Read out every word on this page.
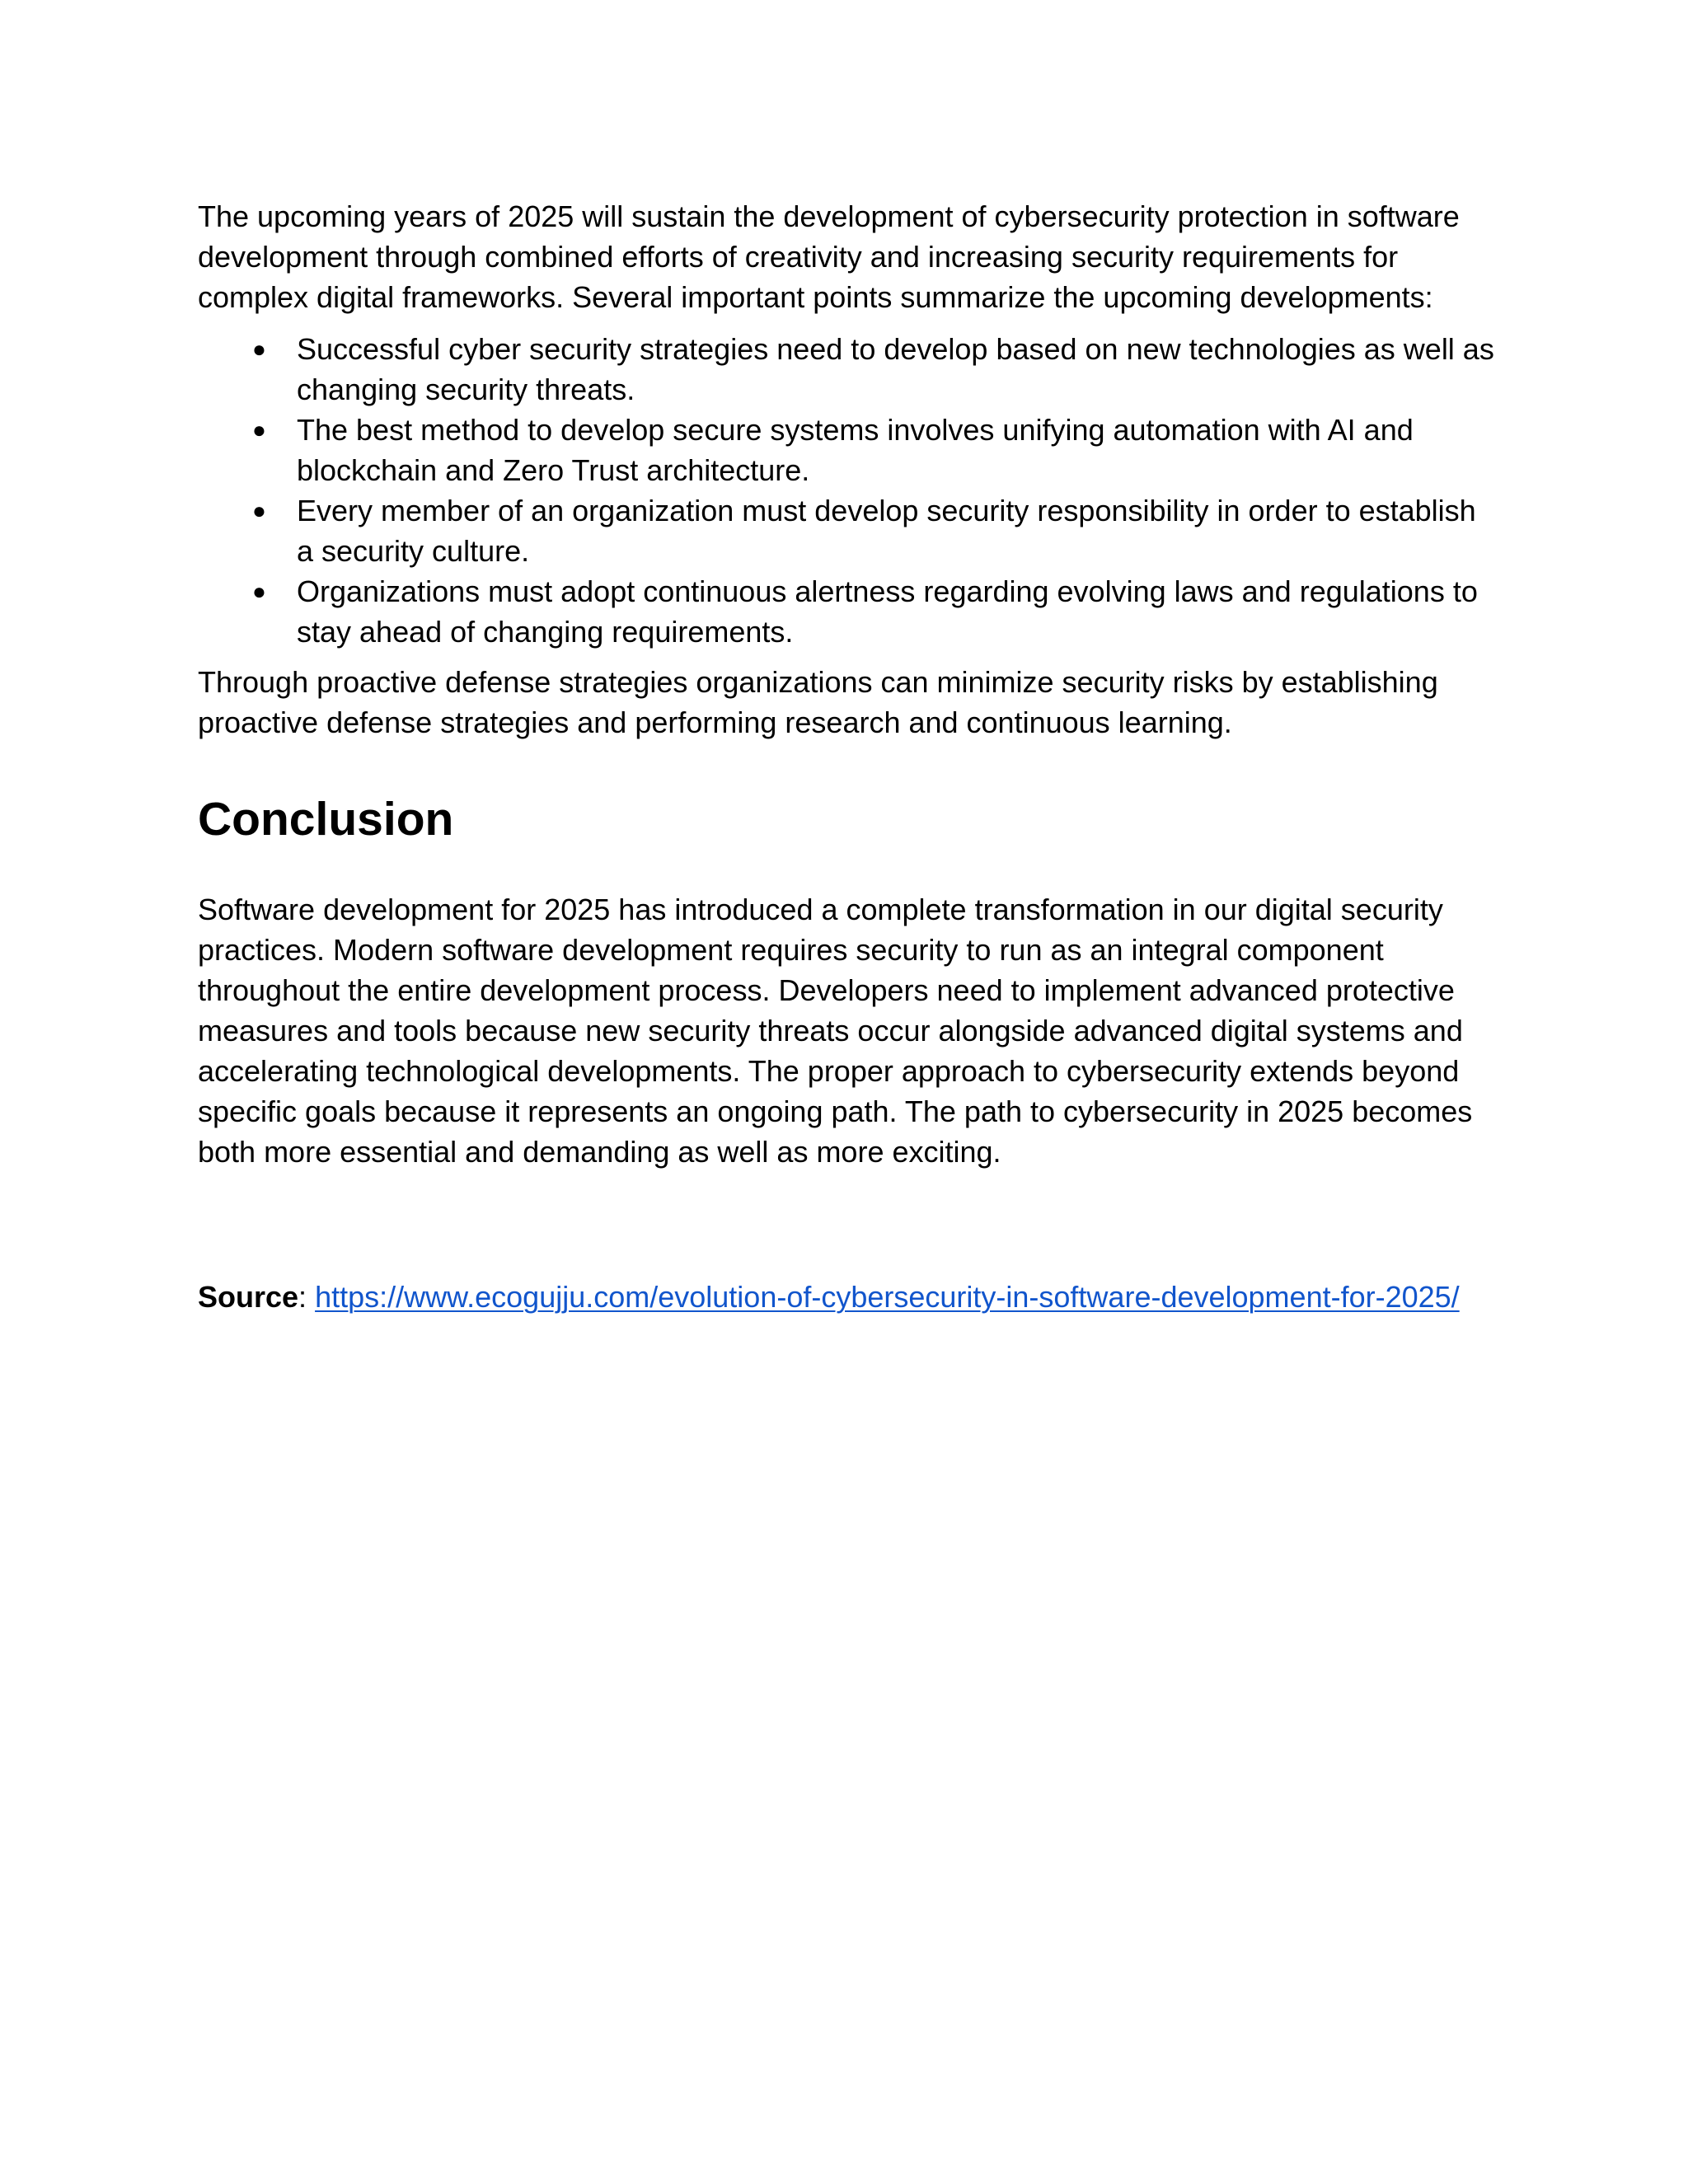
The upcoming years of 2025 will sustain the development of cybersecurity protection in software development through combined efforts of creativity and increasing security requirements for complex digital frameworks. Several important points summarize the upcoming developments:

● Successful cyber security strategies need to develop based on new technologies as well as changing security threats.
● The best method to develop secure systems involves unifying automation with AI and blockchain and Zero Trust architecture.
● Every member of an organization must develop security responsibility in order to establish a security culture.
● Organizations must adopt continuous alertness regarding evolving laws and regulations to stay ahead of changing requirements.

Through proactive defense strategies organizations can minimize security risks by establishing proactive defense strategies and performing research and continuous learning.

Conclusion

Software development for 2025 has introduced a complete transformation in our digital security practices. Modern software development requires security to run as an integral component throughout the entire development process. Developers need to implement advanced protective measures and tools because new security threats occur alongside advanced digital systems and accelerating technological developments. The proper approach to cybersecurity extends beyond specific goals because it represents an ongoing path. The path to cybersecurity in 2025 becomes both more essential and demanding as well as more exciting.

Source: https://www.ecogujju.com/evolution-of-cybersecurity-in-software-development-for-2025/
